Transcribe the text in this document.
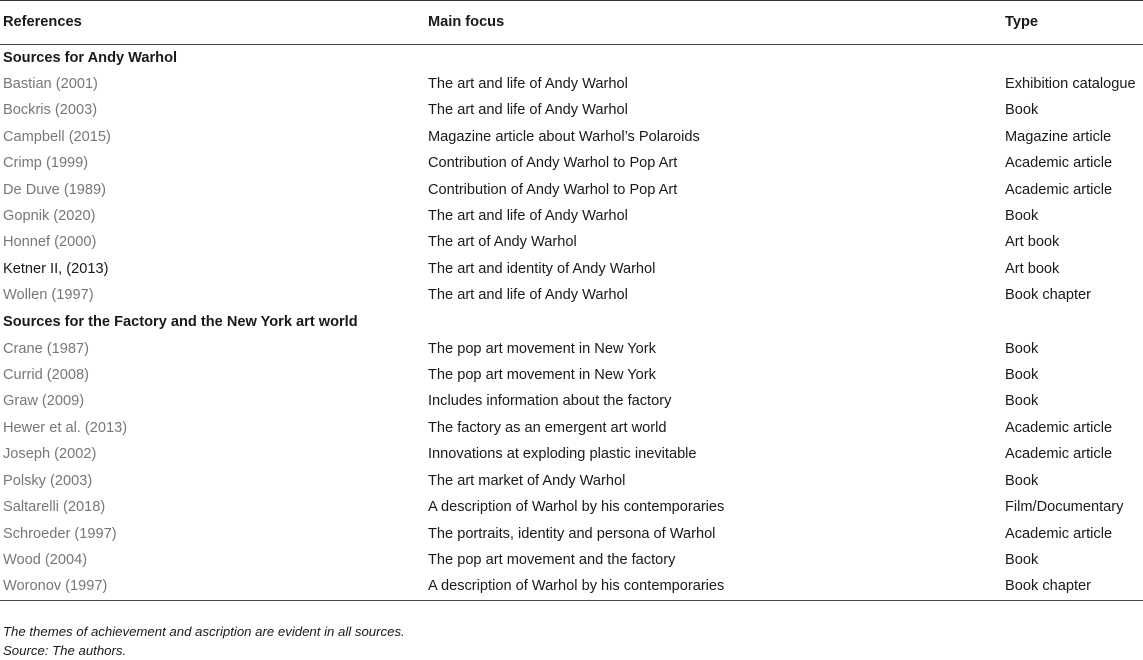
References	Main focus	Type
Sources for Andy Warhol		
Bastian (2001)	The art and life of Andy Warhol	Exhibition catalogue
Bockris (2003)	The art and life of Andy Warhol	Book
Campbell (2015)	Magazine article about Warhol’s Polaroids	Magazine article
Crimp (1999)	Contribution of Andy Warhol to Pop Art	Academic article
De Duve (1989)	Contribution of Andy Warhol to Pop Art	Academic article
Gopnik (2020)	The art and life of Andy Warhol	Book
Honnef (2000)	The art of Andy Warhol	Art book
Ketner II, (2013)	The art and identity of Andy Warhol	Art book
Wollen (1997)	The art and life of Andy Warhol	Book chapter
Sources for the Factory and the New York art world		
Crane (1987)	The pop art movement in New York	Book
Currid (2008)	The pop art movement in New York	Book
Graw (2009)	Includes information about the factory	Book
Hewer et al. (2013)	The factory as an emergent art world	Academic article
Joseph (2002)	Innovations at exploding plastic inevitable	Academic article
Polsky (2003)	The art market of Andy Warhol	Book
Saltarelli (2018)	A description of Warhol by his contemporaries	Film/Documentary
Schroeder (1997)	The portraits, identity and persona of Warhol	Academic article
Wood (2004)	The pop art movement and the factory	Book
Woronov (1997)	A description of Warhol by his contemporaries	Book chapter
The themes of achievement and ascription are evident in all sources.
Source: The authors.
